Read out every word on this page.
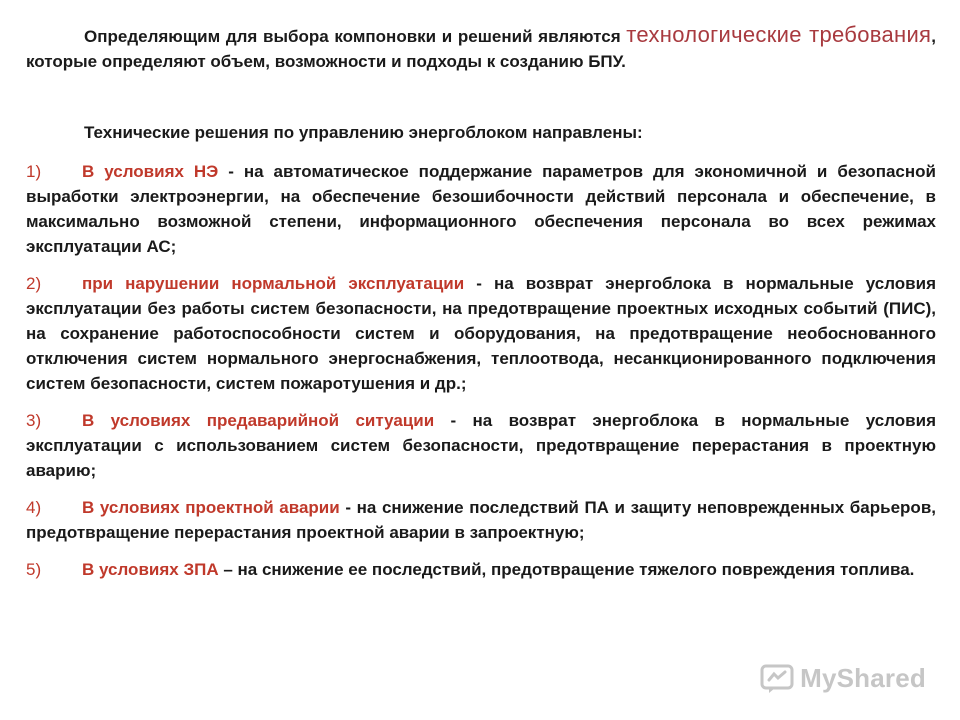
Определяющим для выбора компоновки и решений являются технологические требования, которые определяют объем, возможности и подходы к созданию БПУ.

Технические решения по управлению энергоблоком направлены:

1) В условиях НЭ - на автоматическое поддержание параметров для экономичной и безопасной выработки электроэнергии, на обеспечение безошибочности действий персонала и обеспечение, в максимально возможной степени, информационного обеспечения персонала во всех режимах эксплуатации АС;

2) при нарушении нормальной эксплуатации - на возврат энергоблока в нормальные условия эксплуатации без работы систем безопасности, на предотвращение проектных исходных событий (ПИС), на сохранение работоспособности систем и оборудования, на предотвращение необоснованного отключения систем нормального энергоснабжения, теплоотвода, несанкционированного подключения систем безопасности, систем пожаротушения и др.;

3) В условиях предаварийной ситуации - на возврат энергоблока в нормальные условия эксплуатации с использованием систем безопасности, предотвращение перерастания в проектную аварию;

4) В условиях проектной аварии - на снижение последствий ПА и защиту неповрежденных барьеров, предотвращение перерастания проектной аварии в запроектную;

5) В условиях ЗПА – на снижение ее последствий, предотвращение тяжелого повреждения топлива.

MyShared
